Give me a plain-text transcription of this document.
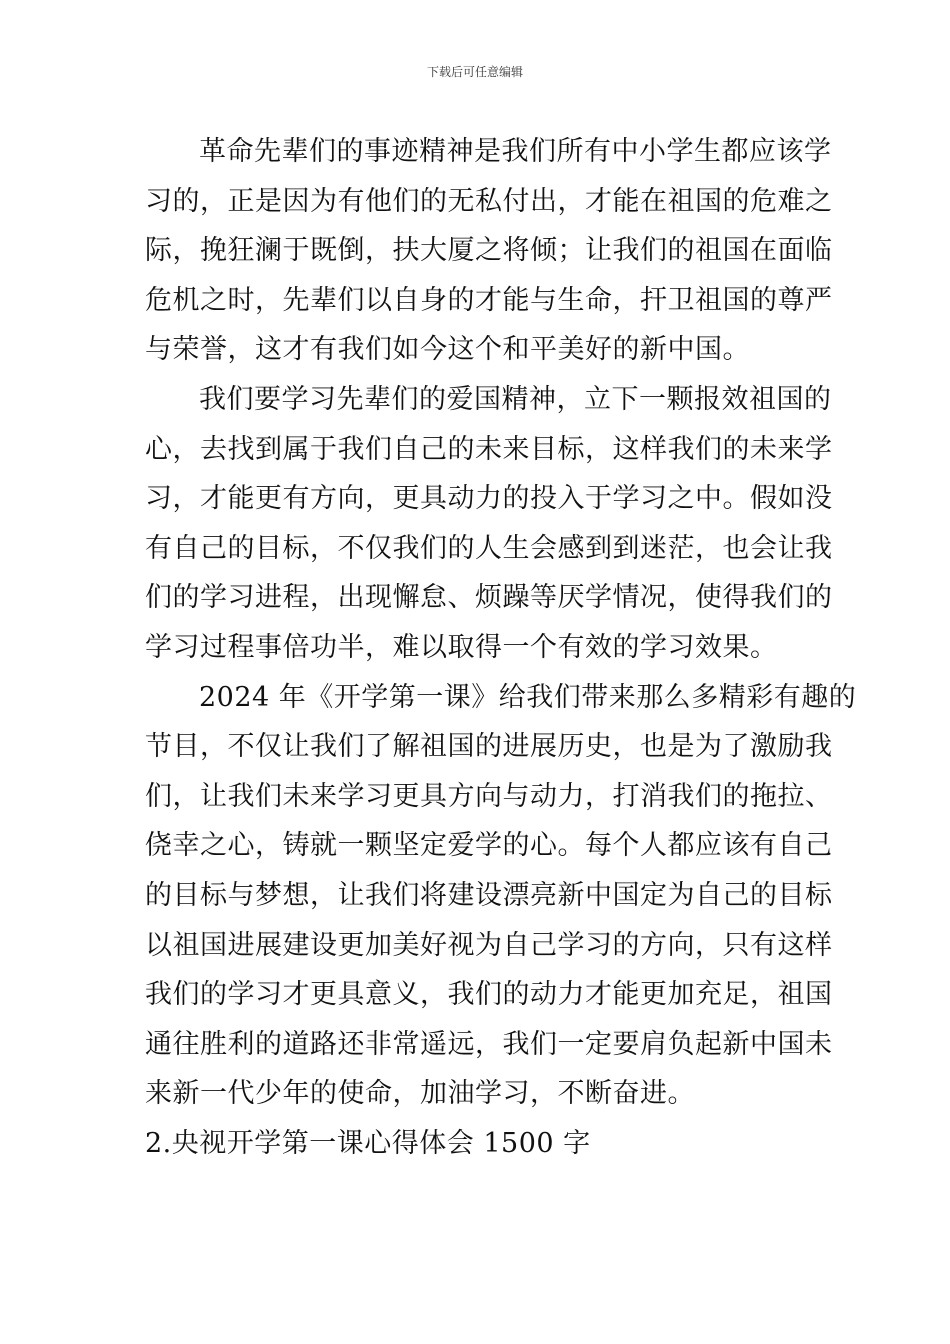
下载后可任意编辑
革命先辈们的事迹精神是我们所有中小学生都应该学
习的，正是因为有他们的无私付出，才能在祖国的危难之
际，挽狂澜于既倒，扶大厦之将倾；让我们的祖国在面临
危机之时，先辈们以自身的才能与生命，扞卫祖国的尊严
与荣誉，这才有我们如今这个和平美好的新中国。
我们要学习先辈们的爱国精神，立下一颗报效祖国的
心，去找到属于我们自己的未来目标，这样我们的未来学
习，才能更有方向，更具动力的投入于学习之中。假如没
有自己的目标，不仅我们的人生会感到到迷茫，也会让我
们的学习进程，出现懈怠、烦躁等厌学情况，使得我们的
学习过程事倍功半，难以取得一个有效的学习效果。
2024 年《开学第一课》给我们带来那么多精彩有趣的
节目，不仅让我们了解祖国的进展历史，也是为了激励我
们，让我们未来学习更具方向与动力，打消我们的拖拉、
侥幸之心，铸就一颗坚定爱学的心。每个人都应该有自己
的目标与梦想，让我们将建设漂亮新中国定为自己的目标
以祖国进展建设更加美好视为自己学习的方向，只有这样
我们的学习才更具意义，我们的动力才能更加充足，祖国
通往胜利的道路还非常遥远，我们一定要肩负起新中国未
来新一代少年的使命，加油学习，不断奋进。
2.央视开学第一课心得体会 1500 字
